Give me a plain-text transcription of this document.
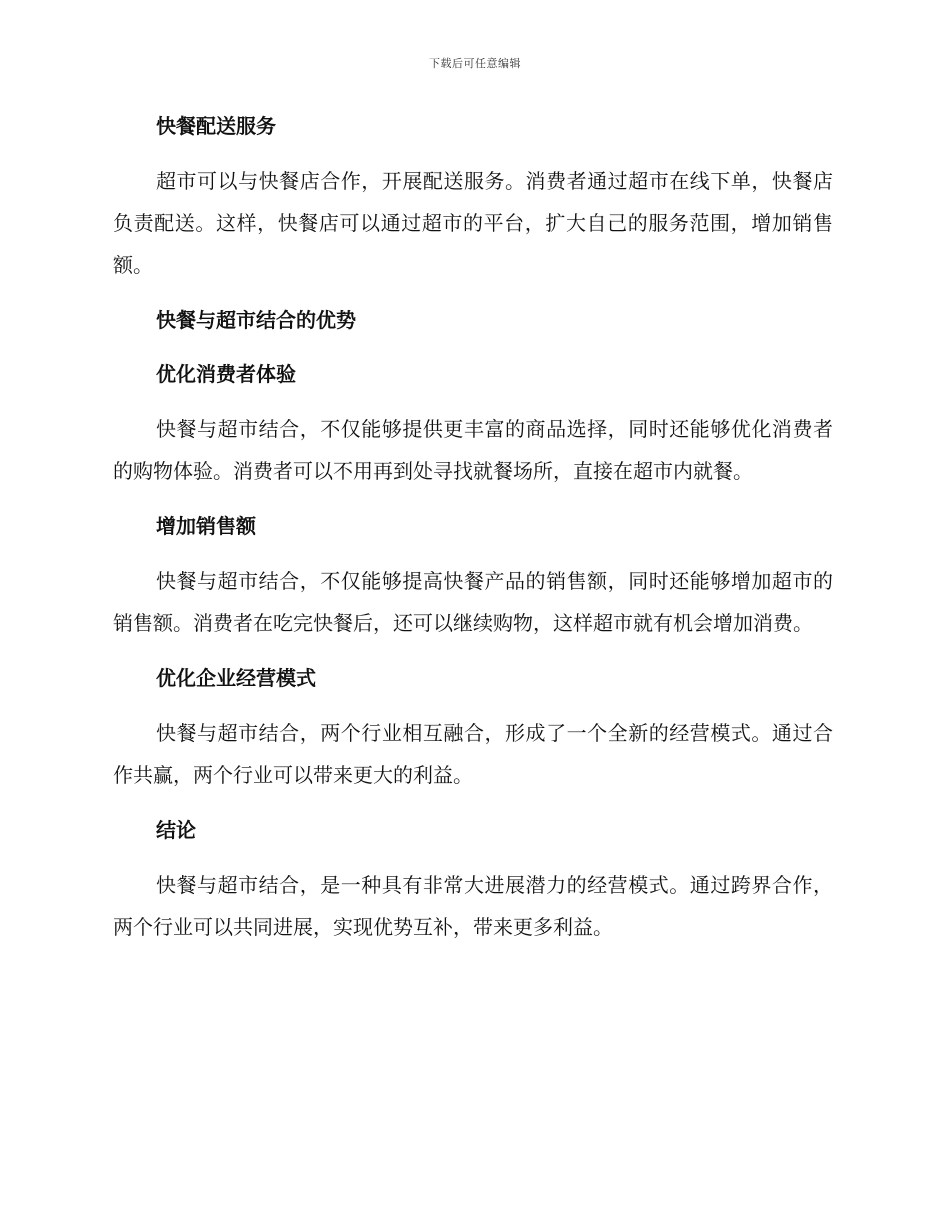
下载后可任意编辑
快餐配送服务

超市可以与快餐店合作，开展配送服务。消费者通过超市在线下单，快餐店负责配送。这样，快餐店可以通过超市的平台，扩大自己的服务范围，增加销售额。

快餐与超市结合的优势
优化消费者体验

快餐与超市结合，不仅能够提供更丰富的商品选择，同时还能够优化消费者的购物体验。消费者可以不用再到处寻找就餐场所，直接在超市内就餐。

增加销售额

快餐与超市结合，不仅能够提高快餐产品的销售额，同时还能够增加超市的销售额。消费者在吃完快餐后，还可以继续购物，这样超市就有机会增加消费。

优化企业经营模式

快餐与超市结合，两个行业相互融合，形成了一个全新的经营模式。通过合作共赢，两个行业可以带来更大的利益。

结论

快餐与超市结合，是一种具有非常大进展潜力的经营模式。通过跨界合作，两个行业可以共同进展，实现优势互补，带来更多利益。
